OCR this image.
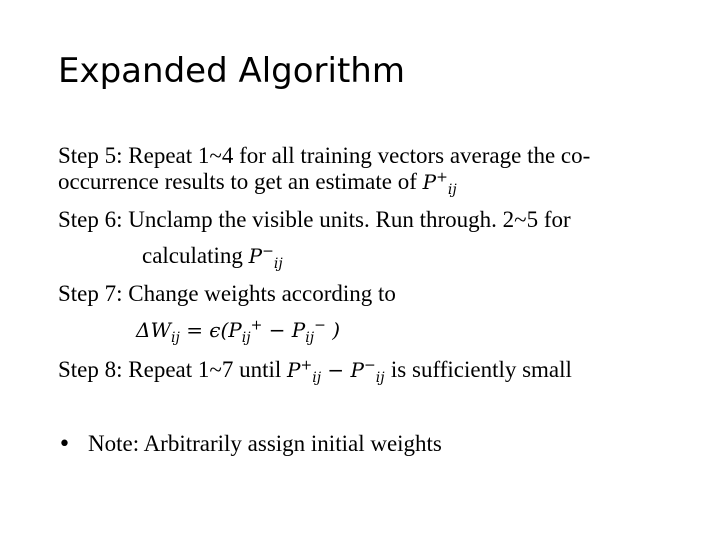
Expanded Algorithm
Step 5: Repeat 1~4 for all training vectors average the co-
occurrence results to get an estimate of $P^+_{ij}$
Step 6: Unclamp the visible units. Run through. 2~5 for
calculating $P^-_{ij}$
Step 7: Change weights according to
$\Delta W_{ij} = \epsilon(P_{ij}^+ - P_{ij}^-$ )
Step 8: Repeat 1~7 until $P^+_{ij} - P^-_{ij}$ is sufficiently small
• Note: Arbitrarily assign initial weights
